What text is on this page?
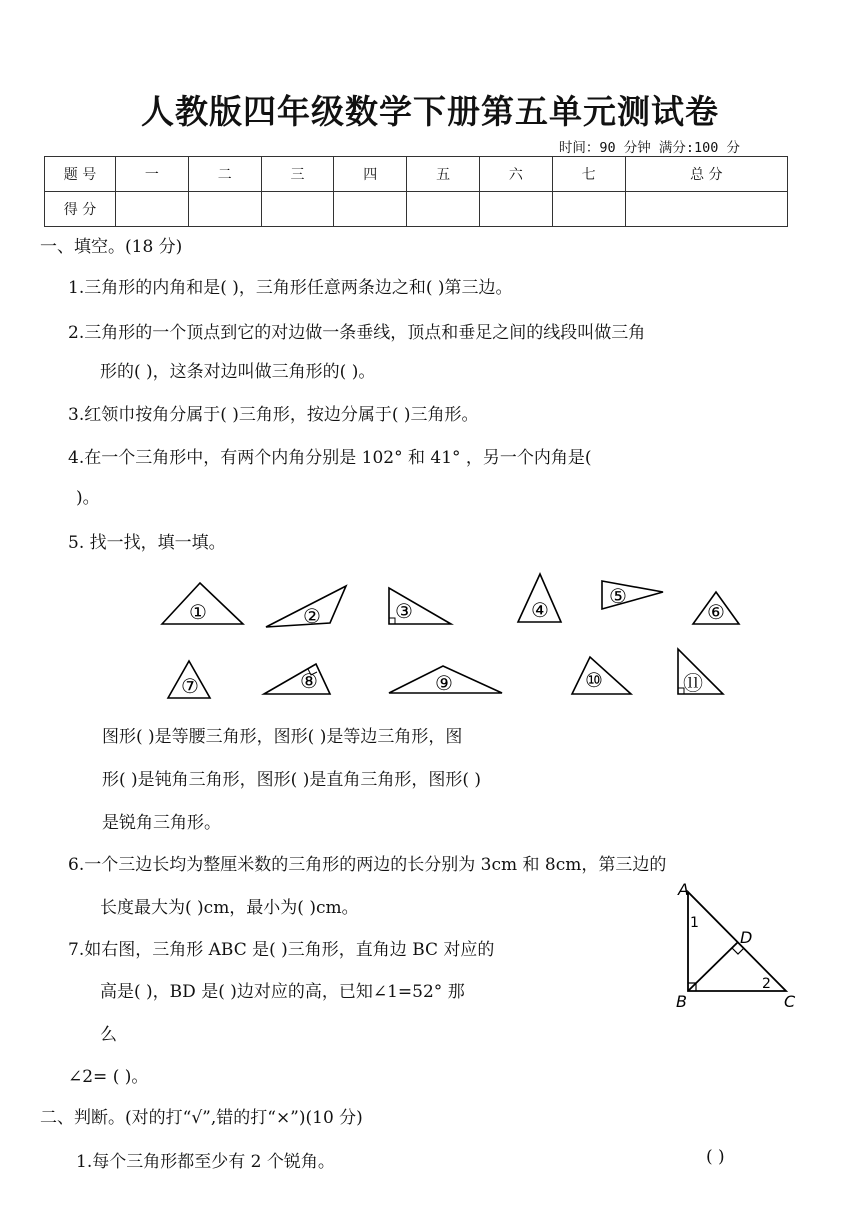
人教版四年级数学下册第五单元测试卷
时间：90 分钟 满分:100 分
题 号	一	二	三	四	五	六	七	总 分
得 分								
一、填空。(18 分)
1.三角形的内角和是( )，三角形任意两条边之和( )第三边。
2.三角形的一个顶点到它的对边做一条垂线，顶点和垂足之间的线段叫做三角
形的( )，这条对边叫做三角形的( )。
3.红领巾按角分属于( )三角形，按边分属于( )三角形。
4.在一个三角形中，有两个内角分别是 102° 和 41° ，另一个内角是(
)。
5. 找一找，填一填。
①	②	③	④
⑤
⑥
⑦	⑧	⑨	⑩	⑪
图形( )是等腰三角形，图形( )是等边三角形，图
形( )是钝角三角形，图形( )是直角三角形，图形( )
是锐角三角形。
6.一个三边长均为整厘米数的三角形的两边的长分别为 3cm 和 8cm，第三边的
长度最大为( )cm，最小为( )cm。
7.如右图，三角形 ABC 是( )三角形，直角边 BC 对应的
高是( )，BD 是( )边对应的高，已知∠1=52° 那
么
∠2= ( )。
A
B	C
D
1
2
二、判断。(对的打“√”,错的打“×”)(10 分)
1.每个三角形都至少有 2 个锐角。	( )
